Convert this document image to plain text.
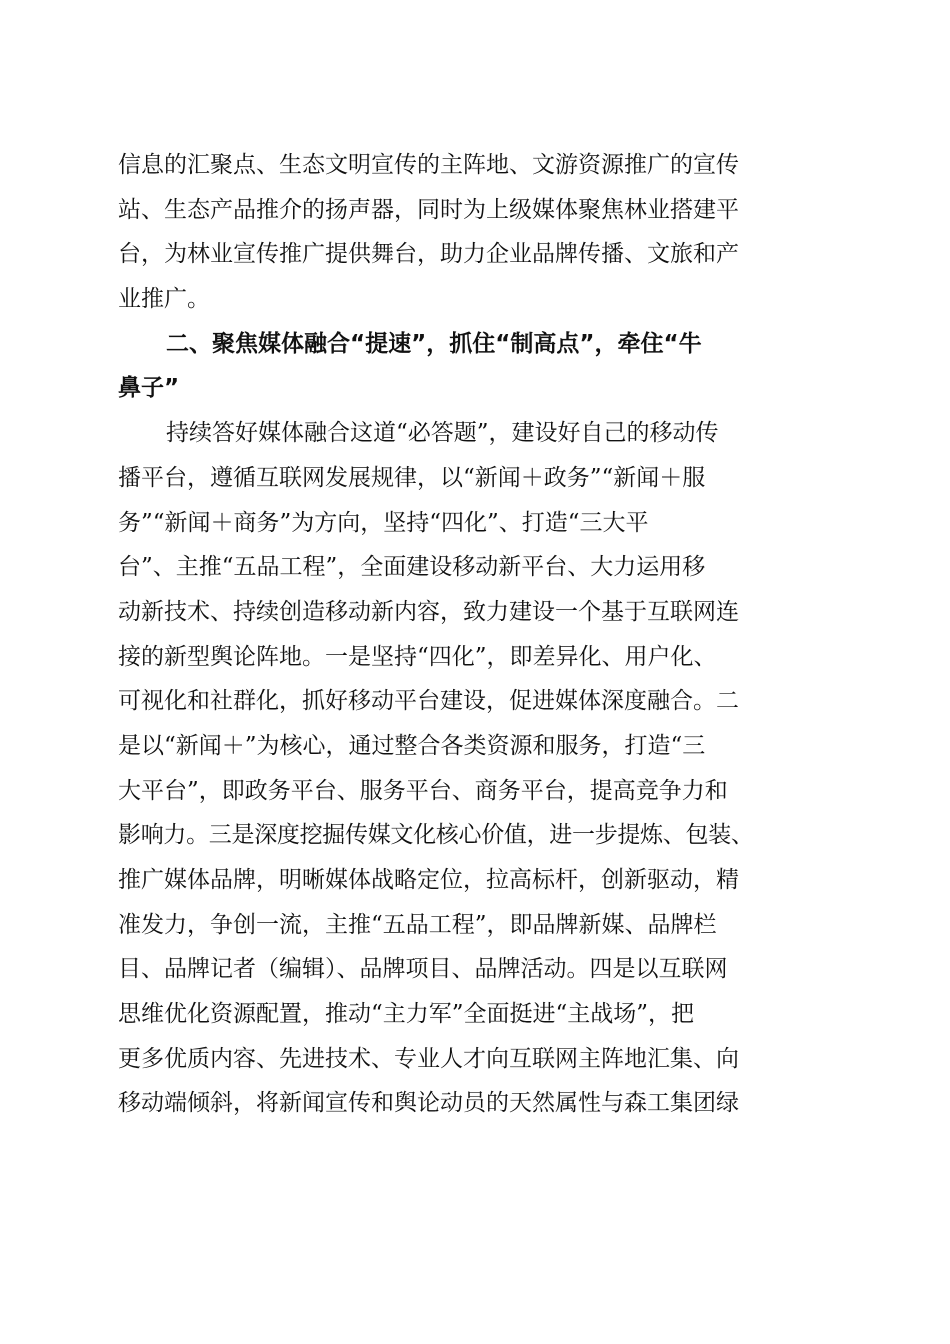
信息的汇聚点、生态文明宣传的主阵地、文游资源推广的宣传
站、生态产品推介的扬声器，同时为上级媒体聚焦林业搭建平
台，为林业宣传推广提供舞台，助力企业品牌传播、文旅和产
业推广。
二、聚焦媒体融合“提速”，抓住“制高点”，牵住“牛
鼻子”
持续答好媒体融合这道“必答题”，建设好自己的移动传
播平台，遵循互联网发展规律，以“新闻＋政务”“新闻＋服
务”“新闻＋商务”为方向，坚持“四化”、打造“三大平
台”、主推“五品工程”，全面建设移动新平台、大力运用移
动新技术、持续创造移动新内容，致力建设一个基于互联网连
接的新型舆论阵地。一是坚持“四化”，即差异化、用户化、
可视化和社群化，抓好移动平台建设，促进媒体深度融合。二
是以“新闻＋”为核心，通过整合各类资源和服务，打造“三
大平台”，即政务平台、服务平台、商务平台，提高竞争力和
影响力。三是深度挖掘传媒文化核心价值，进一步提炼、包装、
推广媒体品牌，明晰媒体战略定位，拉高标杆，创新驱动，精
准发力，争创一流，主推“五品工程”，即品牌新媒、品牌栏
目、品牌记者（编辑）、品牌项目、品牌活动。四是以互联网
思维优化资源配置，推动“主力军”全面挺进“主战场”，把
更多优质内容、先进技术、专业人才向互联网主阵地汇集、向
移动端倾斜，将新闻宣传和舆论动员的天然属性与森工集团绿
